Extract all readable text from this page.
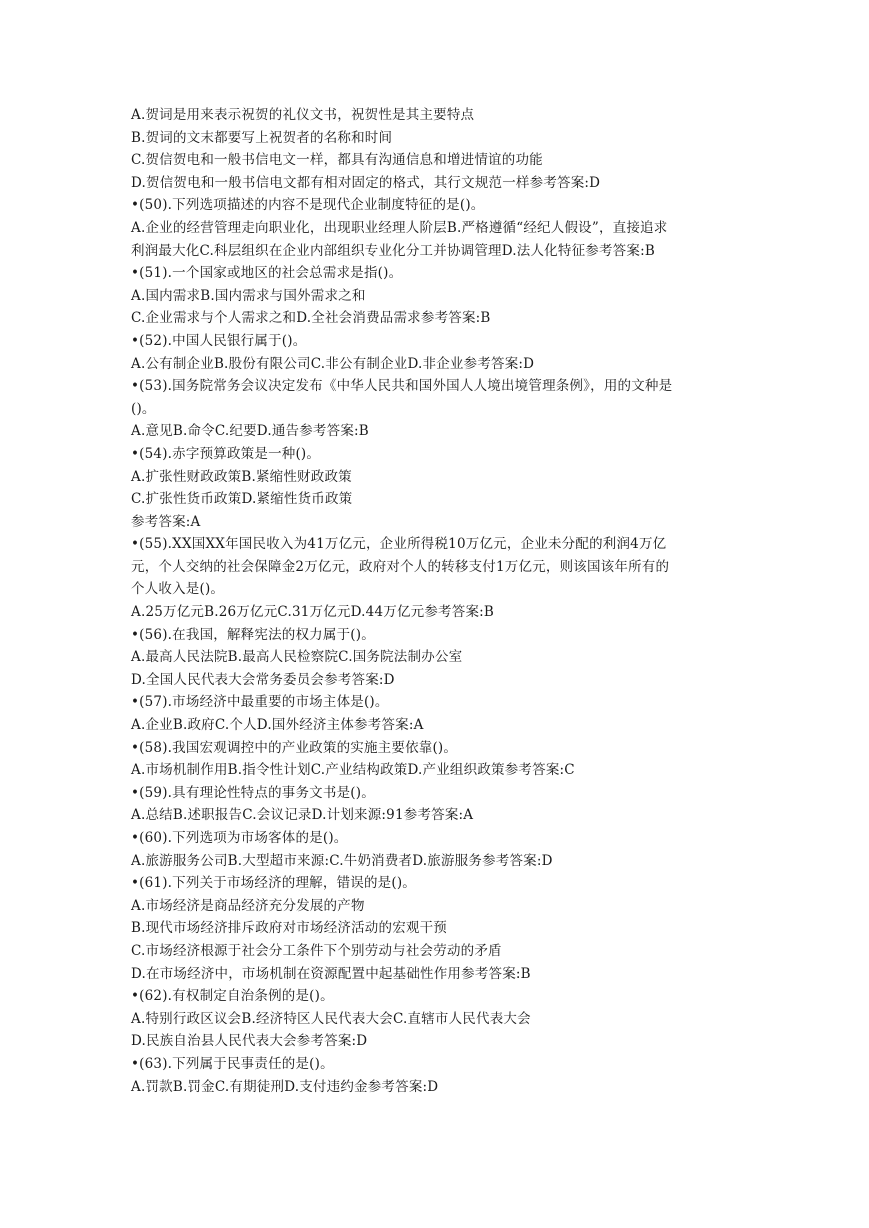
A.贺词是用来表示祝贺的礼仪文书，祝贺性是其主要特点
B.贺词的文末都要写上祝贺者的名称和时间
C.贺信贺电和一般书信电文一样，都具有沟通信息和增进情谊的功能
D.贺信贺电和一般书信电文都有相对固定的格式，其行文规范一样参考答案:D
•(50).下列选项描述的内容不是现代企业制度特征的是()。
A.企业的经营管理走向职业化，出现职业经理人阶层B.严格遵循“经纪人假设”，直接追求
利润最大化C.科层组织在企业内部组织专业化分工并协调管理D.法人化特征参考答案:B
•(51).一个国家或地区的社会总需求是指()。
A.国内需求B.国内需求与国外需求之和
C.企业需求与个人需求之和D.全社会消费品需求参考答案:B
•(52).中国人民银行属于()。
A.公有制企业B.股份有限公司C.非公有制企业D.非企业参考答案:D
•(53).国务院常务会议决定发布《中华人民共和国外国人人境出境管理条例》，用的文种是
()。
A.意见B.命令C.纪要D.通告参考答案:B
•(54).赤字预算政策是一种()。
A.扩张性财政政策B.紧缩性财政政策
C.扩张性货币政策D.紧缩性货币政策
参考答案:A
•(55).XX国XX年国民收入为41万亿元，企业所得税10万亿元，企业未分配的利润4万亿
元，个人交纳的社会保障金2万亿元，政府对个人的转移支付1万亿元，则该国该年所有的
个人收入是()。
A.25万亿元B.26万亿元C.31万亿元D.44万亿元参考答案:B
•(56).在我国，解释宪法的权力属于()。
A.最高人民法院B.最高人民检察院C.国务院法制办公室
D.全国人民代表大会常务委员会参考答案:D
•(57).市场经济中最重要的市场主体是()。
A.企业B.政府C.个人D.国外经济主体参考答案:A
•(58).我国宏观调控中的产业政策的实施主要依靠()。
A.市场机制作用B.指令性计划C.产业结构政策D.产业组织政策参考答案:C
•(59).具有理论性特点的事务文书是()。
A.总结B.述职报告C.会议记录D.计划来源:91参考答案:A
•(60).下列选项为市场客体的是()。
A.旅游服务公司B.大型超市来源:C.牛奶消费者D.旅游服务参考答案:D
•(61).下列关于市场经济的理解，错误的是()。
A.市场经济是商品经济充分发展的产物
B.现代市场经济排斥政府对市场经济活动的宏观干预
C.市场经济根源于社会分工条件下个别劳动与社会劳动的矛盾
D.在市场经济中，市场机制在资源配置中起基础性作用参考答案:B
•(62).有权制定自治条例的是()。
A.特别行政区议会B.经济特区人民代表大会C.直辖市人民代表大会
D.民族自治县人民代表大会参考答案:D
•(63).下列属于民事责任的是()。
A.罚款B.罚金C.有期徒刑D.支付违约金参考答案:D
